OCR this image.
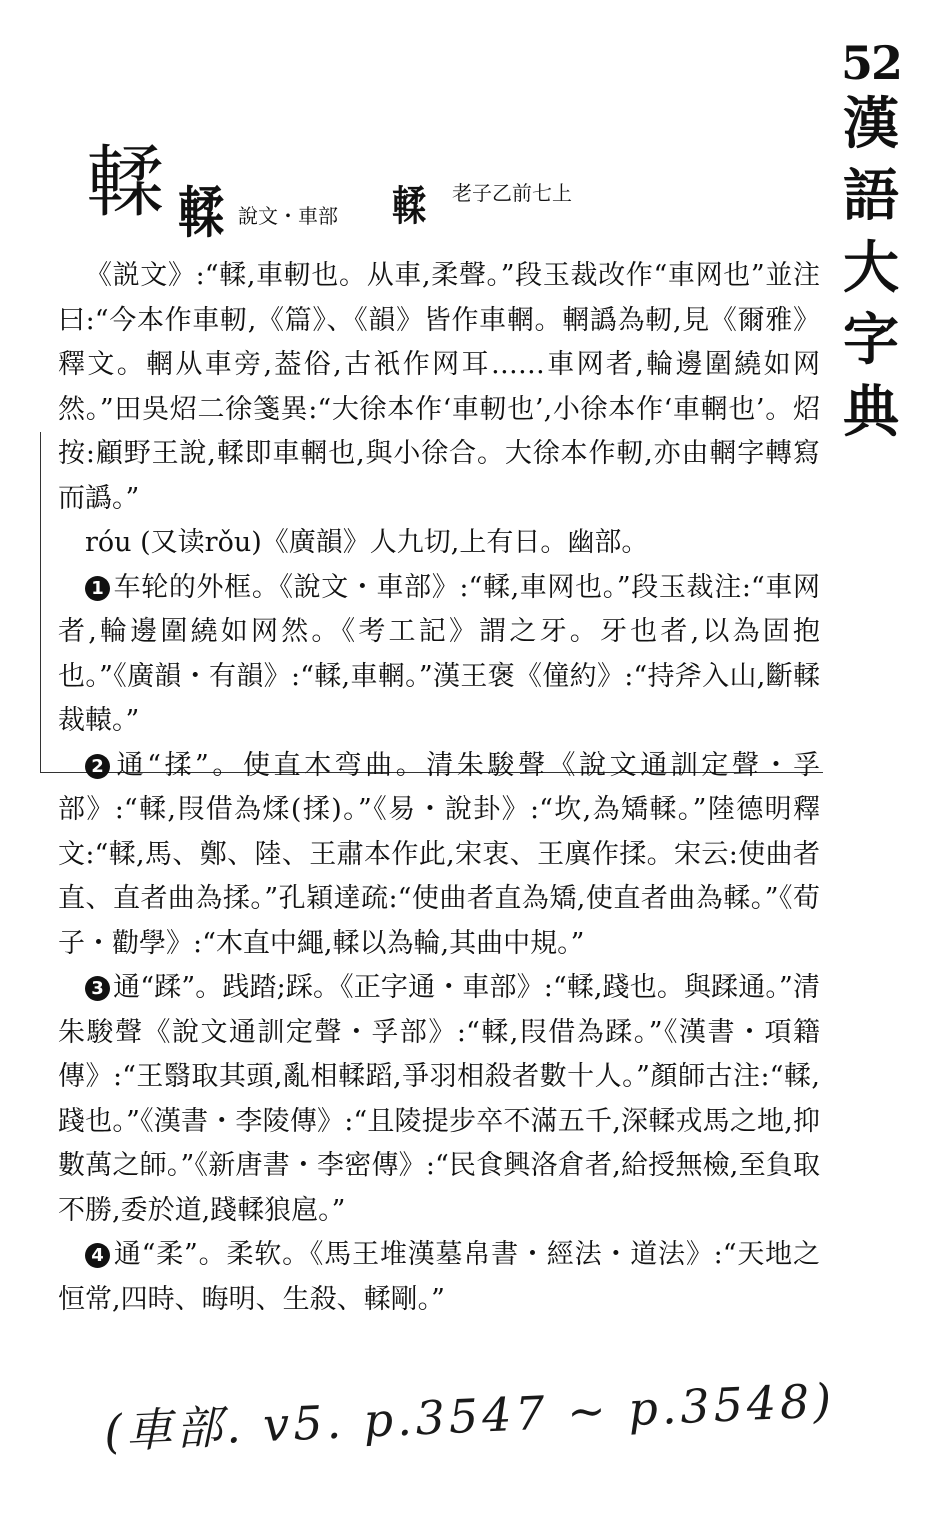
52
漢
語
大
字
典
輮 輮 說文・車部 輮 老子乙前七上

《説文》:“輮,車軔也。从車,柔聲。”段玉裁改作“車网也”並注曰:“今本作車軔,《篇》、《韻》皆作車輞。輞譌為軔,見《爾雅》釋文。輞从車旁,葢俗,古衹作网耳……車网者,輪邊圍繞如网然。”田吳炤二徐箋異:“大徐本作‘車軔也’,小徐本作‘車輞也’。炤按:顧野王說,輮即車輞也,與小徐合。大徐本作軔,亦由輞字轉寫而譌。”

róu (又读rǒu)《廣韻》人九切,上有日。幽部。

1 车轮的外框。《說文・車部》:“輮,車网也。”段玉裁注:“車网者,輪邊圍繞如网然。《考工記》謂之牙。牙也者,以為固抱也。”《廣韻・有韻》:“輮,車輞。”漢王褒《僮約》:“持斧入山,斷輮裁轅。”

2 通“揉”。使直木弯曲。清朱駿聲《說文通訓定聲・孚部》:“輮,叚借為煣(揉)。”《易・說卦》:“坎,為矯輮。”陸德明釋文:“輮,馬、鄭、陸、王肅本作此,宋衷、王廙作揉。宋云:使曲者直、直者曲為揉。”孔穎達疏:“使曲者直為矯,使直者曲為輮。”《荀子・勸學》:“木直中繩,輮以為輪,其曲中規。”

3 通“蹂”。践踏;踩。《正字通・車部》:“輮,踐也。與蹂通。”清朱駿聲《說文通訓定聲・孚部》:“輮,叚借為蹂。”《漢書・項籍傳》:“王翳取其頭,亂相輮蹈,爭羽相殺者數十人。”顏師古注:“輮,踐也。”《漢書・李陵傳》:“且陵提步卒不滿五千,深輮戎馬之地,抑數萬之師。”《新唐書・李密傳》:“民食興洛倉者,給授無檢,至負取不勝,委於道,踐輮狼扈。”

4 通“柔”。柔软。《馬王堆漢墓帛書・經法・道法》:“天地之恒常,四時、晦明、生殺、輮剛。”

(車部. v5. p.3547 ~ p.3548)
